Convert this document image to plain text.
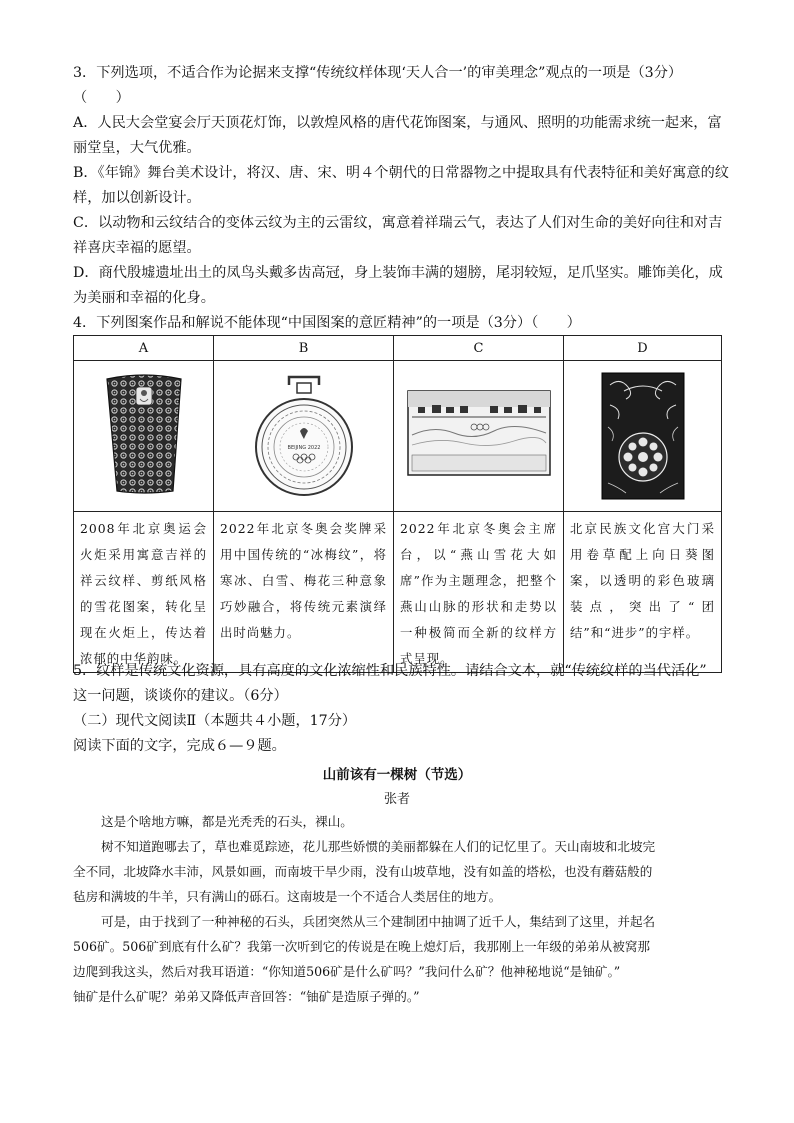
3．下列选项，不适合作为论据来支撑“传统纹样体现‘天人合一’的审美理念”观点的一项是（3分）
（　　）
A．人民大会堂宴会厅天顶花灯饰，以敦煌风格的唐代花饰图案，与通风、照明的功能需求统一起来，富
丽堂皇，大气优雅。
B．《年锦》舞台美术设计，将汉、唐、宋、明４个朝代的日常器物之中提取具有代表特征和美好寓意的纹
样，加以创新设计。
C．以动物和云纹结合的变体云纹为主的云雷纹，寓意着祥瑞云气，表达了人们对生命的美好向往和对吉
祥喜庆幸福的愿望。
D．商代殷墟遗址出土的凤鸟头戴多齿高冠，身上装饰丰满的翅膀，尾羽较短，足爪坚实。雕饰美化，成
为美丽和幸福的化身。
4．下列图案作品和解说不能体现“中国图案的意匠精神”的一项是（3分）（　　）
A	B	C	D

BEIJING 2022

2008年北京奥运会火炬采用寓意吉祥的祥云纹样、剪纸风格的雪花图案，转化呈现在火炬上，传达着浓郁的中华韵味。	2022年北京冬奥会奖牌采用中国传统的“冰梅纹”，将寒冰、白雪、梅花三种意象巧妙融合，将传统元素演绎出时尚魅力。	2022年北京冬奥会主席台，以“燕山雪花大如席”作为主题理念，把整个燕山山脉的形状和走势以一种极简而全新的纹样方式呈现。	北京民族文化宫大门采用卷草配上向日葵图案，以透明的彩色玻璃装点，突出了“团结”和“进步”的宇样。
5．纹样是传统文化资源，具有高度的文化浓缩性和民族特性。请结合文本，就“传统纹样的当代活化”
这一问题，谈谈你的建议。（6分）
（二）现代文阅读Ⅱ（本题共４小题，17分）
阅读下面的文字，完成６—９题。
山前该有一棵树（节选）
张者
这是个啥地方嘛，都是光秃秃的石头，裸山。
树不知道跑哪去了，草也难觅踪迹，花儿那些娇惯的美丽都躲在人们的记忆里了。天山南坡和北坡完
全不同，北坡降水丰沛，风景如画，而南坡干旱少雨，没有山坡草地，没有如盖的塔松，也没有蘑菇般的
毡房和满坡的牛羊，只有满山的砾石。这南坡是一个不适合人类居住的地方。
可是，由于找到了一种神秘的石头，兵团突然从三个建制团中抽调了近千人，集结到了这里，并起名
506矿。506矿到底有什么矿？我第一次听到它的传说是在晚上熄灯后，我那刚上一年级的弟弟从被窝那
边爬到我这头，然后对我耳语道：“你知道506矿是什么矿吗？”我问什么矿？他神秘地说“是铀矿。”
铀矿是什么矿呢？弟弟又降低声音回答：“铀矿是造原子弹的。”
